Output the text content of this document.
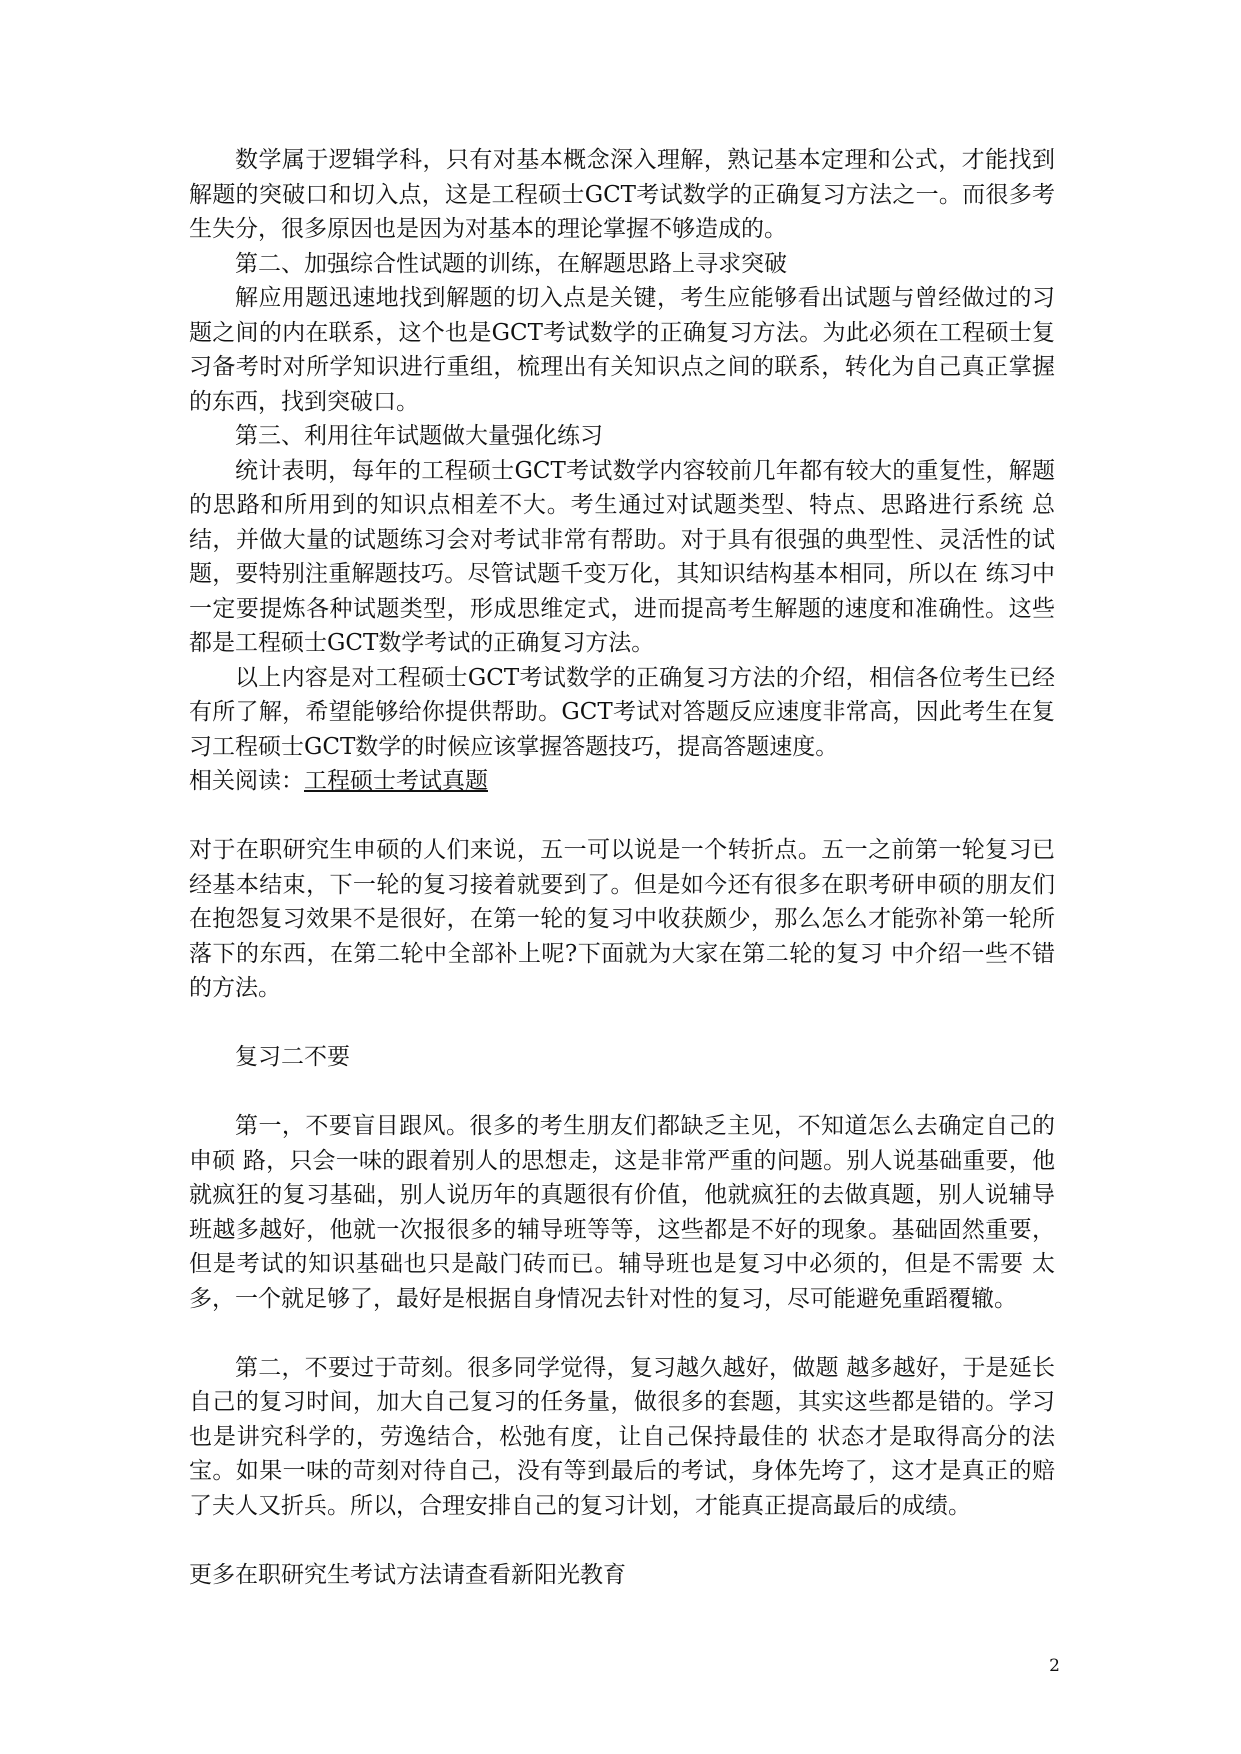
数学属于逻辑学科，只有对基本概念深入理解，熟记基本定理和公式，才能找到解题的突破口和切入点，这是工程硕士GCT考试数学的正确复习方法之一。而很多考生失分，很多原因也是因为对基本的理论掌握不够造成的。

第二、加强综合性试题的训练，在解题思路上寻求突破

解应用题迅速地找到解题的切入点是关键，考生应能够看出试题与曾经做过的习题之间的内在联系，这个也是GCT考试数学的正确复习方法。为此必须在工程硕士复习备考时对所学知识进行重组，梳理出有关知识点之间的联系，转化为自己真正掌握的东西，找到突破口。

第三、利用往年试题做大量强化练习

统计表明，每年的工程硕士GCT考试数学内容较前几年都有较大的重复性，解题的思路和所用到的知识点相差不大。考生通过对试题类型、特点、思路进行系统 总结，并做大量的试题练习会对考试非常有帮助。对于具有很强的典型性、灵活性的试题，要特别注重解题技巧。尽管试题千变万化，其知识结构基本相同，所以在 练习中一定要提炼各种试题类型，形成思维定式，进而提高考生解题的速度和准确性。这些都是工程硕士GCT数学考试的正确复习方法。

以上内容是对工程硕士GCT考试数学的正确复习方法的介绍，相信各位考生已经有所了解，希望能够给你提供帮助。GCT考试对答题反应速度非常高，因此考生在复习工程硕士GCT数学的时候应该掌握答题技巧，提高答题速度。

相关阅读：工程硕士考试真题

对于在职研究生申硕的人们来说，五一可以说是一个转折点。五一之前第一轮复习已经基本结束，下一轮的复习接着就要到了。但是如今还有很多在职考研申硕的朋友们在抱怨复习效果不是很好，在第一轮的复习中收获颇少，那么怎么才能弥补第一轮所落下的东西，在第二轮中全部补上呢?下面就为大家在第二轮的复习 中介绍一些不错的方法。

复习二不要

第一，不要盲目跟风。很多的考生朋友们都缺乏主见，不知道怎么去确定自己的申硕 路，只会一味的跟着别人的思想走，这是非常严重的问题。别人说基础重要，他就疯狂的复习基础，别人说历年的真题很有价值，他就疯狂的去做真题，别人说辅导 班越多越好，他就一次报很多的辅导班等等，这些都是不好的现象。基础固然重要，但是考试的知识基础也只是敲门砖而已。辅导班也是复习中必须的，但是不需要 太多，一个就足够了，最好是根据自身情况去针对性的复习，尽可能避免重蹈覆辙。

第二，不要过于苛刻。很多同学觉得，复习越久越好，做题 越多越好，于是延长自己的复习时间，加大自己复习的任务量，做很多的套题，其实这些都是错的。学习也是讲究科学的，劳逸结合，松弛有度，让自己保持最佳的 状态才是取得高分的法宝。如果一味的苛刻对待自己，没有等到最后的考试，身体先垮了，这才是真正的赔了夫人又折兵。所以，合理安排自己的复习计划，才能真正提高最后的成绩。

更多在职研究生考试方法请查看新阳光教育

2
